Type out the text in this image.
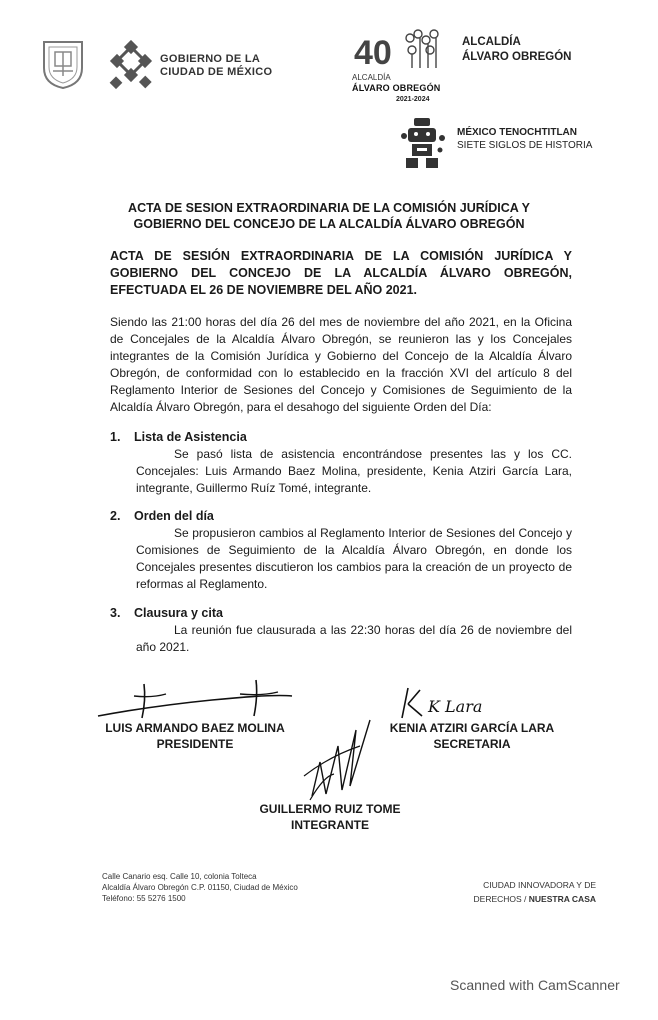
GOBIERNO DE LA
CIUDAD DE MÉXICO 40
ALCALDÍA
ÁLVARO OBREGÓN
2021-2024
ALCALDÍA
ÁLVARO OBREGÓN
MÉXICO TENOCHTITLAN
SIETE SIGLOS DE HISTORIA
ACTA DE SESION EXTRAORDINARIA DE LA COMISIÓN JURÍDICA Y GOBIERNO DEL CONCEJO DE LA ALCALDÍA ÁLVARO OBREGÓN
ACTA DE SESIÓN EXTRAORDINARIA DE LA COMISIÓN JURÍDICA Y GOBIERNO DEL CONCEJO DE LA ALCALDÍA ÁLVARO OBREGÓN, EFECTUADA EL 26 DE NOVIEMBRE DEL AÑO 2021.
Siendo las 21:00 horas del día 26 del mes de noviembre del año 2021, en la Oficina de Concejales de la Alcaldía Álvaro Obregón, se reunieron las y los Concejales integrantes de la Comisión Jurídica y Gobierno del Concejo de la Alcaldía Álvaro Obregón, de conformidad con lo establecido en la fracción XVI del artículo 8 del Reglamento Interior de Sesiones del Concejo y Comisiones de Seguimiento de la Alcaldía Álvaro Obregón, para el desahogo del siguiente Orden del Día:
1. Lista de Asistencia
Se pasó lista de asistencia encontrándose presentes las y los CC. Concejales: Luis Armando Baez Molina, presidente, Kenia Atziri García Lara, integrante, Guillermo Ruíz Tomé, integrante.
2. Orden del día
Se propusieron cambios al Reglamento Interior de Sesiones del Concejo y Comisiones de Seguimiento de la Alcaldía Álvaro Obregón, en donde los Concejales presentes discutieron los cambios para la creación de un proyecto de reformas al Reglamento.
3. Clausura y cita
La reunión fue clausurada a las 22:30 horas del día 26 de noviembre del año 2021.
K Lara
LUIS ARMANDO BAEZ MOLINA
PRESIDENTE
KENIA ATZIRI GARCÍA LARA
SECRETARIA
GUILLERMO RUIZ TOME
INTEGRANTE
Calle Canario esq. Calle 10, colonia Tolteca
Alcaldía Álvaro Obregón C.P. 01150, Ciudad de México
Teléfono: 55 5276 1500
CIUDAD INNOVADORA Y DE
DERECHOS / NUESTRA CASA
Scanned with CamScanner
